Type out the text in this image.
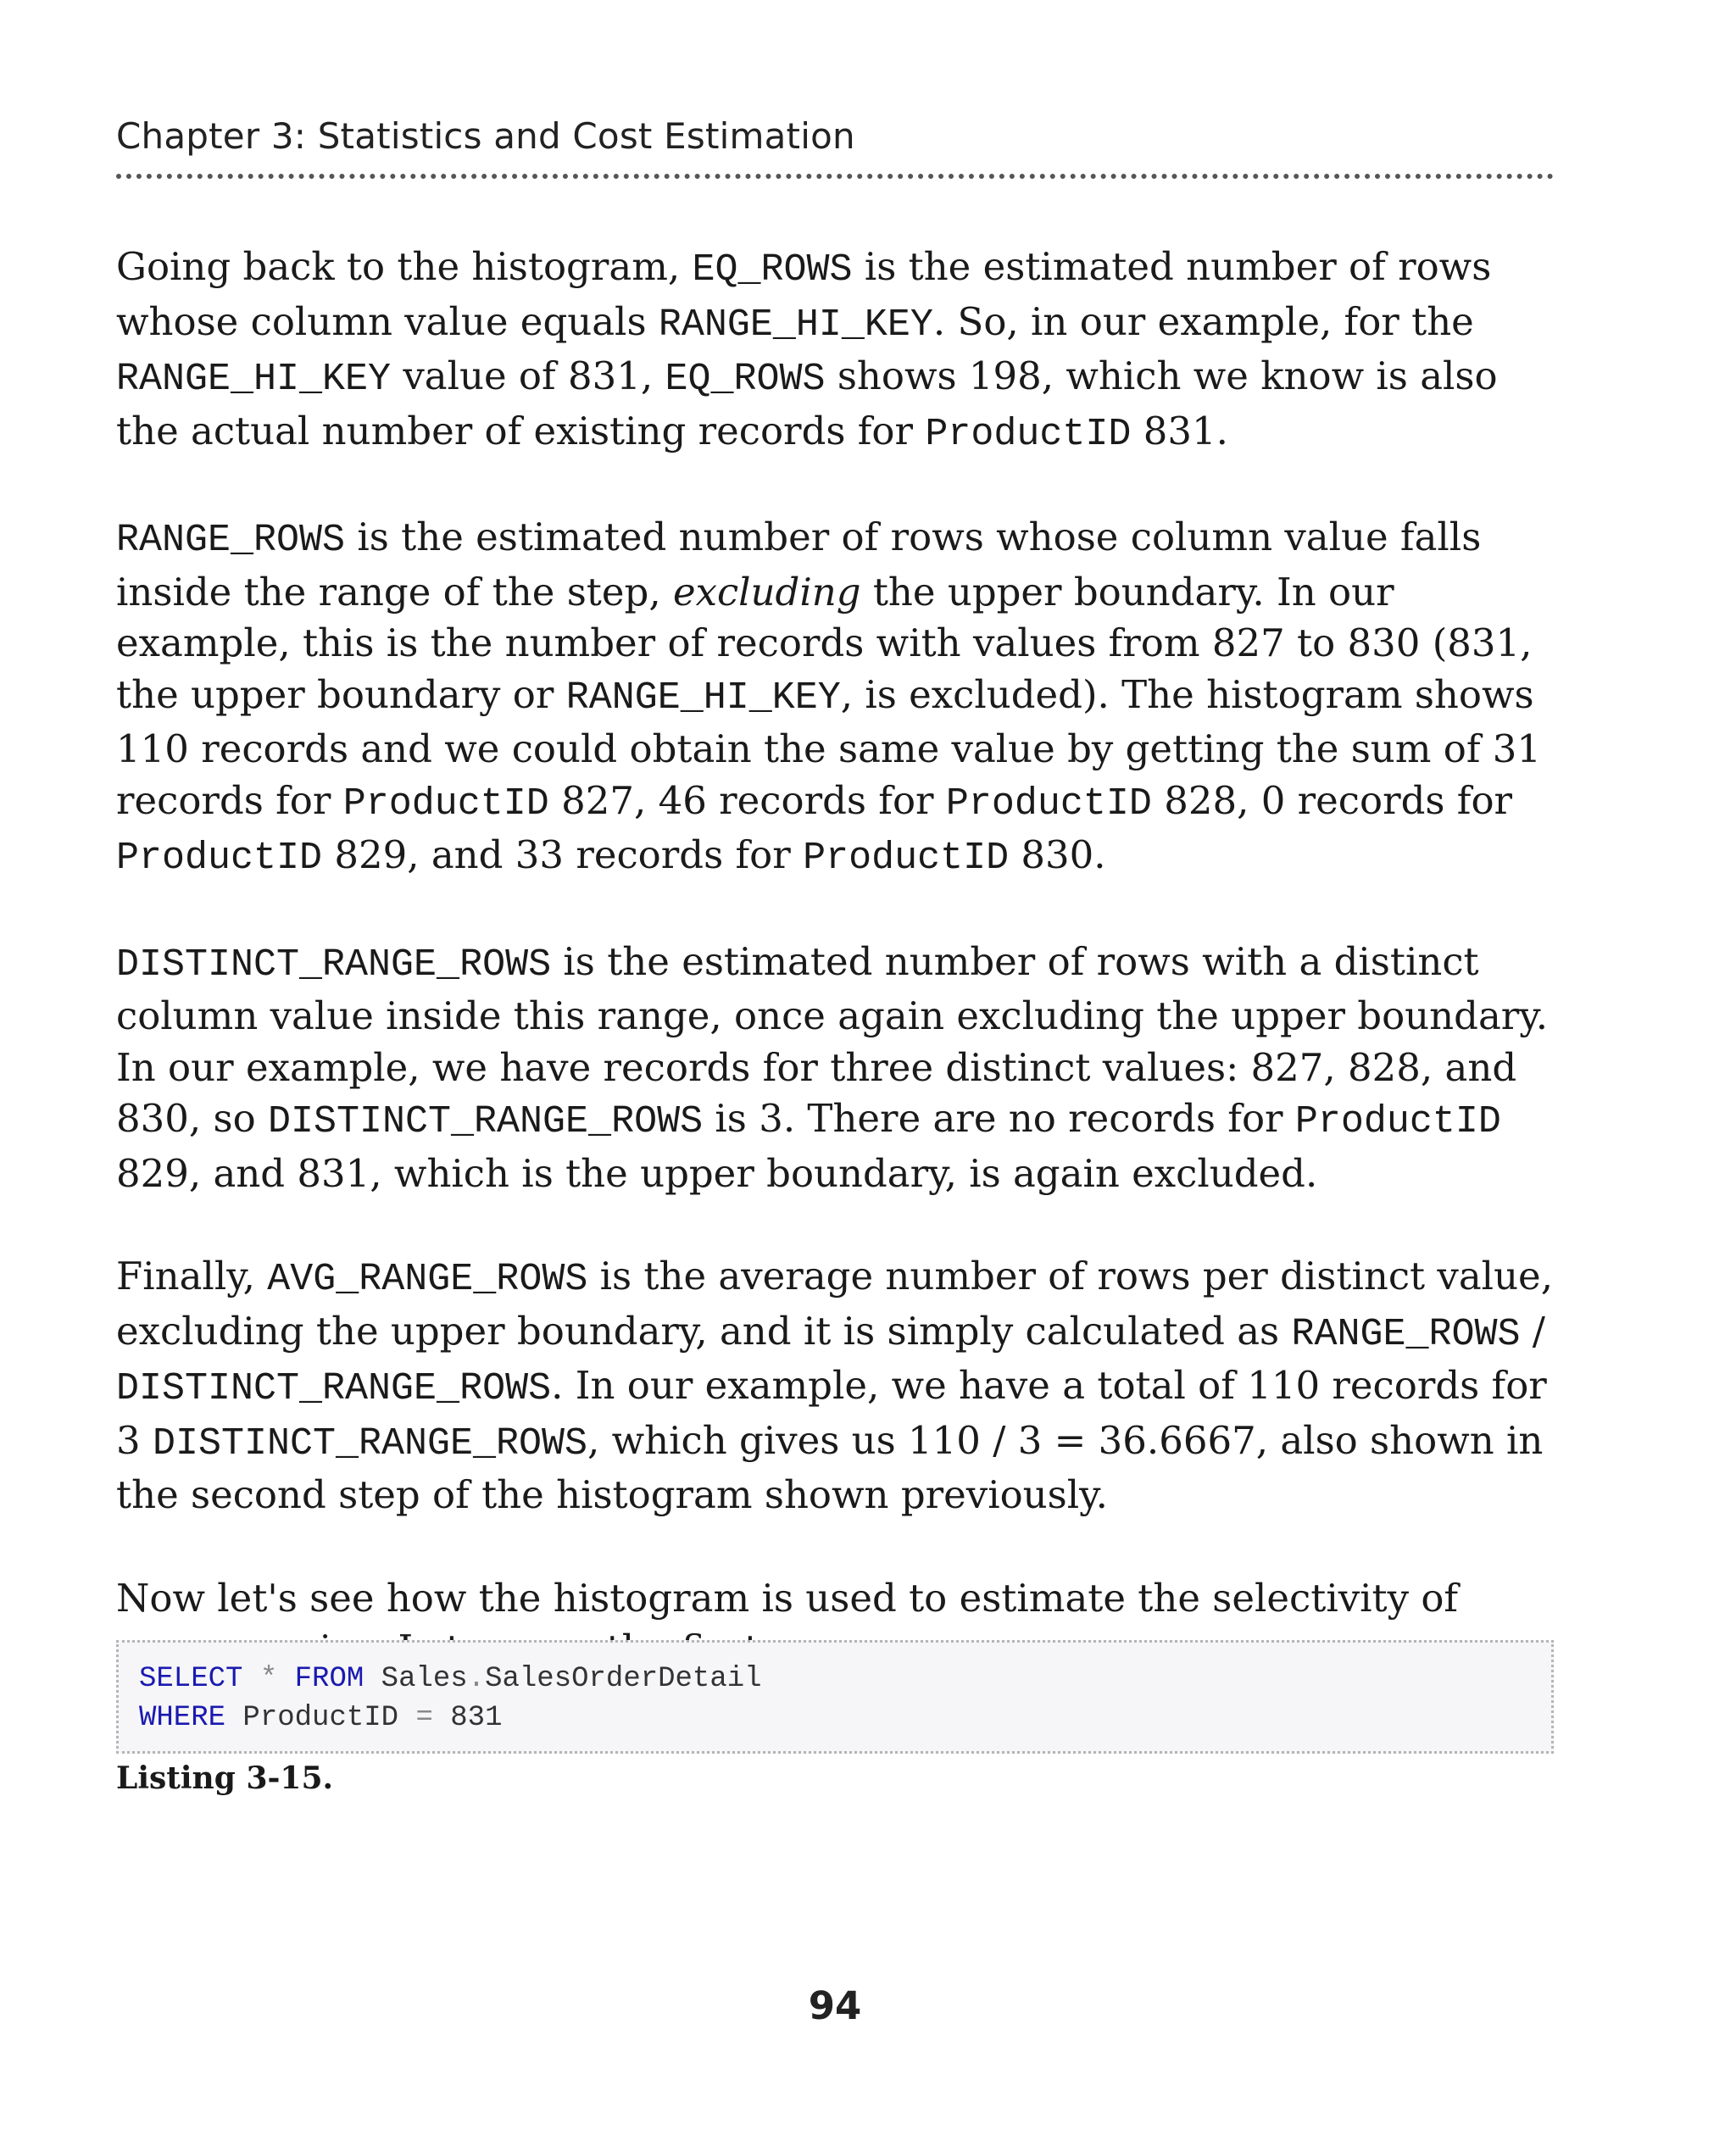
Chapter 3: Statistics and Cost Estimation

Going back to the histogram, EQ_ROWS is the estimated number of rows whose column value equals RANGE_HI_KEY. So, in our example, for the RANGE_HI_KEY value of 831, EQ_ROWS shows 198, which we know is also the actual number of existing records for ProductID 831.

RANGE_ROWS is the estimated number of rows whose column value falls inside the range of the step, excluding the upper boundary. In our example, this is the number of records with values from 827 to 830 (831, the upper boundary or RANGE_HI_KEY, is excluded). The histogram shows 110 records and we could obtain the same value by getting the sum of 31 records for ProductID 827, 46 records for ProductID 828, 0 records for ProductID 829, and 33 records for ProductID 830.

DISTINCT_RANGE_ROWS is the estimated number of rows with a distinct column value inside this range, once again excluding the upper boundary. In our example, we have records for three distinct values: 827, 828, and 830, so DISTINCT_RANGE_ROWS is 3. There are no records for ProductID 829, and 831, which is the upper boundary, is again excluded.

Finally, AVG_RANGE_ROWS is the average number of rows per distinct value, excluding the upper boundary, and it is simply calculated as RANGE_ROWS / DISTINCT_RANGE_ROWS. In our example, we have a total of 110 records for 3 DISTINCT_RANGE_ROWS, which gives us 110 / 3 = 36.6667, also shown in the second step of the histogram shown previously.

Now let's see how the histogram is used to estimate the selectivity of

SELECT * FROM Sales.SalesOrderDetail
WHERE ProductID = 831
Listing 3-15.
94
